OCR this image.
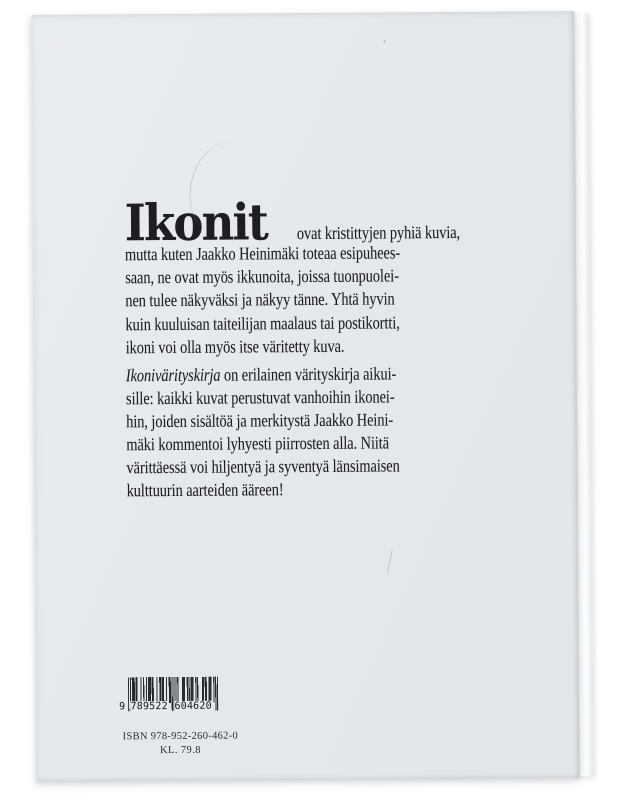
Ikonit ovat kristittyjen pyhiä kuvia,
mutta kuten Jaakko Heinimäki toteaa esipuhees-
saan, ne ovat myös ikkunoita, joissa tuonpuolei-
nen tulee näkyväksi ja näkyy tänne. Yhtä hyvin
kuin kuuluisan taiteilijan maalaus tai postikortti,
ikoni voi olla myös itse väritetty kuva.
Ikonivärityskirja on erilainen värityskirja aikui-
sille: kaikki kuvat perustuvat vanhoihin ikonei-
hin, joiden sisältöä ja merkitystä Jaakko Heini-
mäki kommentoi lyhyesti piirrosten alla. Niitä
värittäessä voi hiljentyä ja syventyä länsimaisen
kulttuurin aarteiden ääreen!
9 789522 604620
ISBN 978-952-260-462-0
KL. 79.8
